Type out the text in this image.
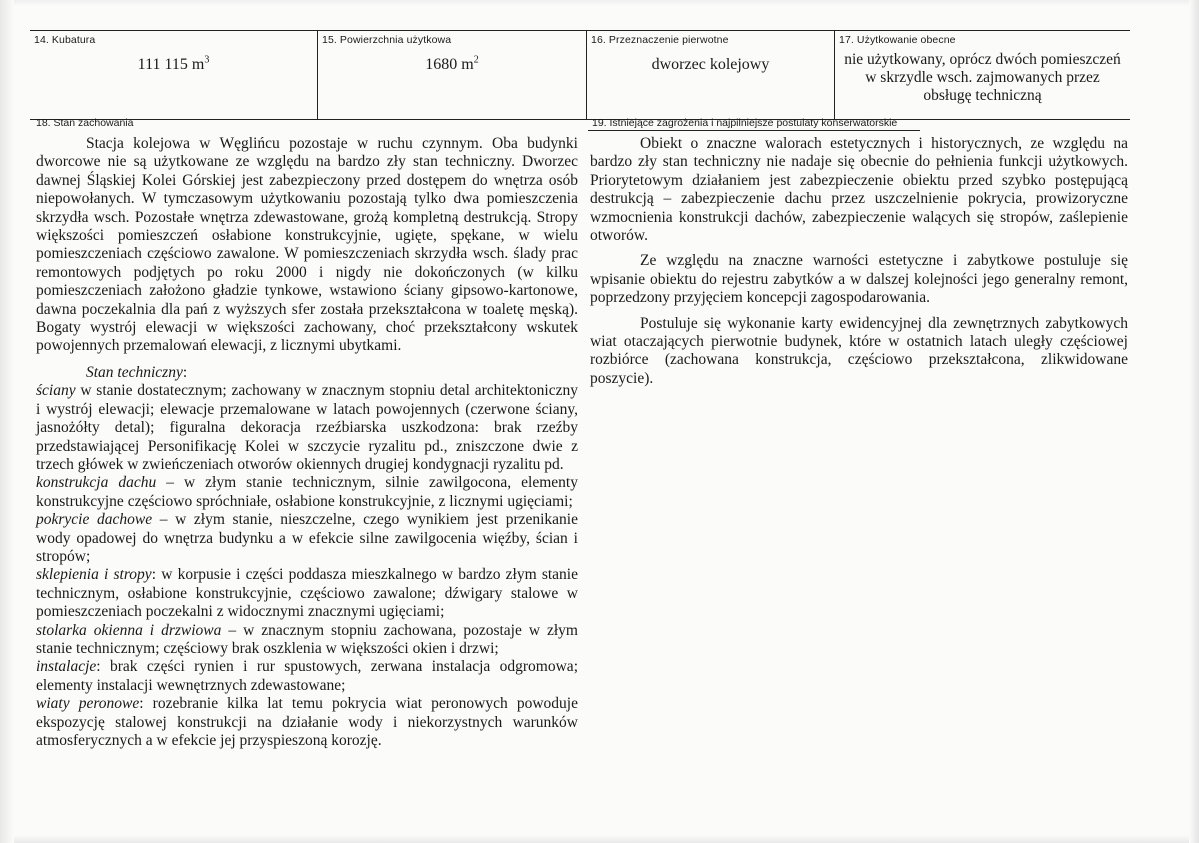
14. Kubatura
111 115 $m^3$
15. Powierzchnia użytkowa
1680 $m^2$
16. Przeznaczenie pierwotne
dworzec kolejowy
17. Użytkowanie obecne
nie użytkowany, oprócz dwóch pomieszczeń w skrzydle wsch. zajmowanych przez obsługę techniczną
18. Stan zachowania	19. Istniejące zagrożenia i najpilniejsze postulaty konserwatorskie

Stacja kolejowa w Węglińcu pozostaje w ruchu czynnym. Oba budynki dworcowe nie są użytkowane ze względu na bardzo zły stan techniczny. Dworzec dawnej Śląskiej Kolei Górskiej jest zabezpieczony przed dostępem do wnętrza osób niepowołanych. W tymczasowym użytkowaniu pozostają tylko dwa pomieszczenia skrzydła wsch. Pozostałe wnętrza zdewastowane, grożą kompletną destrukcją. Stropy większości pomieszczeń osłabione konstrukcyjnie, ugięte, spękane, w wielu pomieszczeniach częściowo zawalone. W pomieszczeniach skrzydła wsch. ślady prac remontowych podjętych po roku 2000 i nigdy nie dokończonych (w kilku pomieszczeniach założono gładzie tynkowe, wstawiono ściany gipsowo-kartonowe, dawna poczekalnia dla pań z wyższych sfer została przekształcona w toaletę męską). Bogaty wystrój elewacji w większości zachowany, choć przekształcony wskutek powojennych przemalowań elewacji, z licznymi ubytkami.

Stan techniczny:

ściany w stanie dostatecznym; zachowany w znacznym stopniu detal architektoniczny i wystrój elewacji; elewacje przemalowane w latach powojennych (czerwone ściany, jasnożółty detal); figuralna dekoracja rzeźbiarska uszkodzona: brak rzeźby przedstawiającej Personifikację Kolei w szczycie ryzalitu pd., zniszczone dwie z trzech główek w zwieńczeniach otworów okiennych drugiej kondygnacji ryzalitu pd.

konstrukcja dachu – w złym stanie technicznym, silnie zawilgocona, elementy konstrukcyjne częściowo spróchniałe, osłabione konstrukcyjnie, z licznymi ugięciami;

pokrycie dachowe – w złym stanie, nieszczelne, czego wynikiem jest przenikanie wody opadowej do wnętrza budynku a w efekcie silne zawilgocenia więźby, ścian i stropów;

sklepienia i stropy: w korpusie i części poddasza mieszkalnego w bardzo złym stanie technicznym, osłabione konstrukcyjnie, częściowo zawalone; dźwigary stalowe w pomieszczeniach poczekalni z widocznymi znacznymi ugięciami;

stolarka okienna i drzwiowa – w znacznym stopniu zachowana, pozostaje w złym stanie technicznym; częściowy brak oszklenia w większości okien i drzwi;

instalacje: brak części rynien i rur spustowych, zerwana instalacja odgromowa; elementy instalacji wewnętrznych zdewastowane;

wiaty peronowe: rozebranie kilka lat temu pokrycia wiat peronowych powoduje ekspozycję stalowej konstrukcji na działanie wody i niekorzystnych warunków atmosferycznych a w efekcie jej przyspieszoną korozję.

Obiekt o znaczne walorach estetycznych i historycznych, ze względu na bardzo zły stan techniczny nie nadaje się obecnie do pełnienia funkcji użytkowych. Priorytetowym działaniem jest zabezpieczenie obiektu przed szybko postępującą destrukcją – zabezpieczenie dachu przez uszczelnienie pokrycia, prowizoryczne wzmocnienia konstrukcji dachów, zabezpieczenie walących się stropów, zaślepienie otworów.

Ze względu na znaczne warności estetyczne i zabytkowe postuluje się wpisanie obiektu do rejestru zabytków a w dalszej kolejności jego generalny remont, poprzedzony przyjęciem koncepcji zagospodarowania.

Postuluje się wykonanie karty ewidencyjnej dla zewnętrznych zabytkowych wiat otaczających pierwotnie budynek, które w ostatnich latach uległy częściowej rozbiórce (zachowana konstrukcja, częściowo przekształcona, zlikwidowane poszycie).
